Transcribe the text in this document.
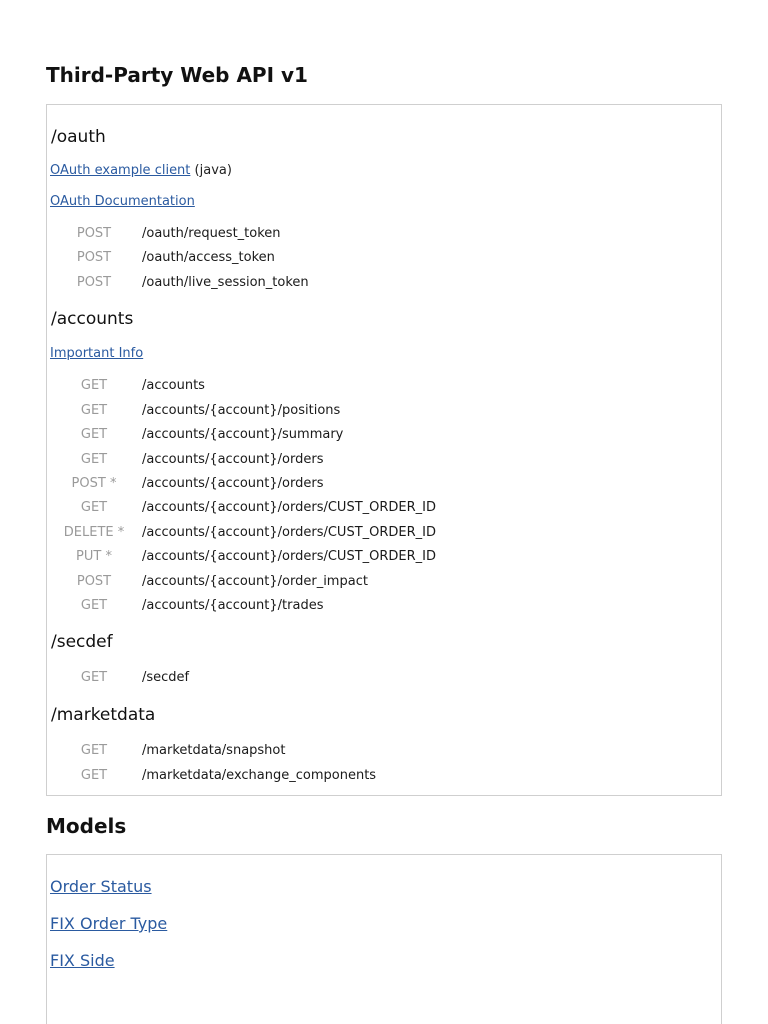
Third-Party Web API v1
/oauth
OAuth example client (java)
OAuth Documentation
POST	/oauth/request_token
POST	/oauth/access_token
POST	/oauth/live_session_token
/accounts
Important Info
GET	/accounts
GET	/accounts/{account}/positions
GET	/accounts/{account}/summary
GET	/accounts/{account}/orders
POST *	/accounts/{account}/orders
GET	/accounts/{account}/orders/CUST_ORDER_ID
DELETE *	/accounts/{account}/orders/CUST_ORDER_ID
PUT *	/accounts/{account}/orders/CUST_ORDER_ID
POST	/accounts/{account}/order_impact
GET	/accounts/{account}/trades
/secdef
GET	/secdef
/marketdata
GET	/marketdata/snapshot
GET	/marketdata/exchange_components
Models
Order Status
FIX Order Type
FIX Side
